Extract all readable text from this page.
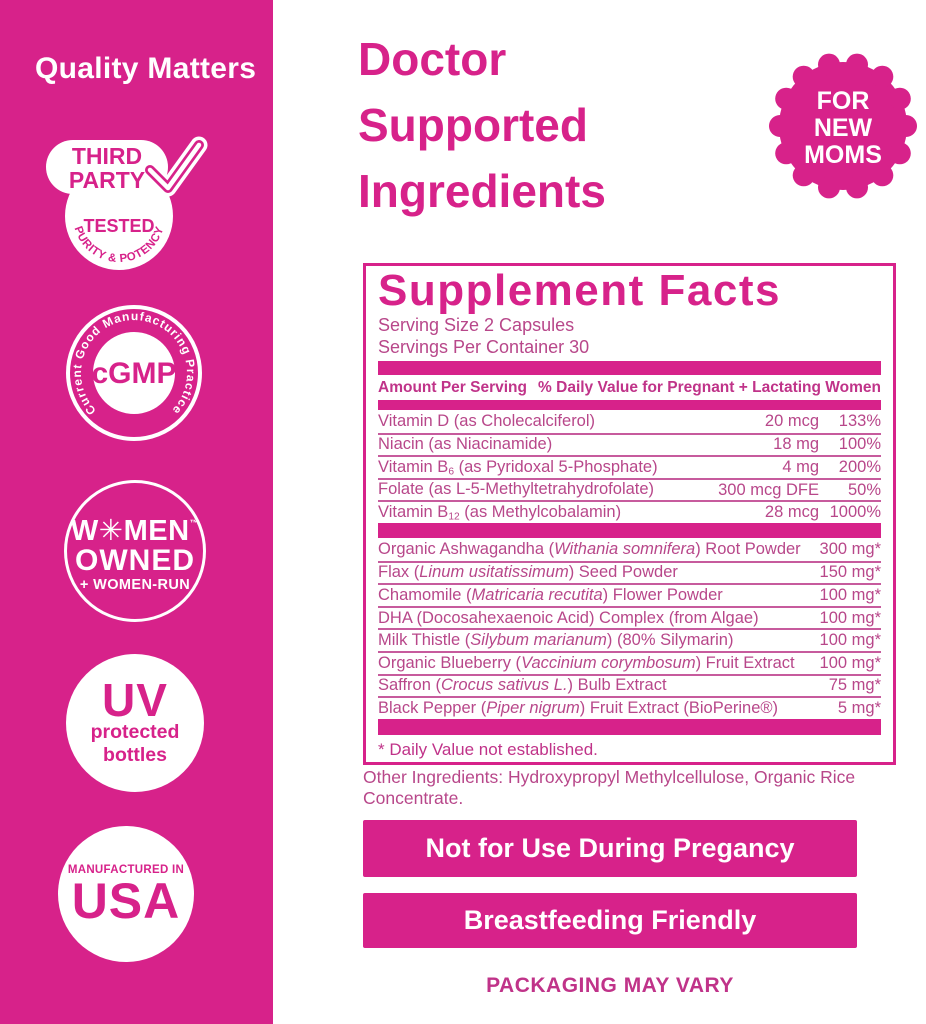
Quality Matters
THIRD
PARTY
TESTED
PURITY & POTENCY
Current Good Manufacturing Practice
cGMP
W✳MEN™
OWNED
+ WOMEN-RUN
UV
protected
bottles
MANUFACTURED IN
USA
Doctor
Supported
Ingredients
FOR
NEW
MOMS
Supplement Facts
Serving Size 2 Capsules
Servings Per Container 30
Amount Per Serving % Daily Value for Pregnant + Lactating Women
Vitamin D (as Cholecalciferol)	20 mcg	133%
Niacin (as Niacinamide)	18 mg	100%
Vitamin $B_6$ (as Pyridoxal 5-Phosphate)	4 mg	200%
Folate (as L-5-Methyltetrahydrofolate)	300 mcg DFE	50%
Vitamin $B_{12}$ (as Methylcobalamin)	28 mcg 1000%
Organic Ashwagandha (Withania somnifera) Root Powder	300 mg*
Flax (Linum usitatissimum) Seed Powder	150 mg*
Chamomile (Matricaria recutita) Flower Powder	100 mg*
DHA (Docosahexaenoic Acid) Complex (from Algae)	100 mg*
Milk Thistle (Silybum marianum) (80% Silymarin)	100 mg*
Organic Blueberry (Vaccinium corymbosum) Fruit Extract	100 mg*
Saffron (Crocus sativus L.) Bulb Extract	75 mg*
Black Pepper (Piper nigrum) Fruit Extract (BioPerine®)	5 mg*
* Daily Value not established.

Other Ingredients: Hydroxypropyl Methylcellulose, Organic Rice Concentrate.

Not for Use During Pregancy
Breastfeeding Friendly
PACKAGING MAY VARY
